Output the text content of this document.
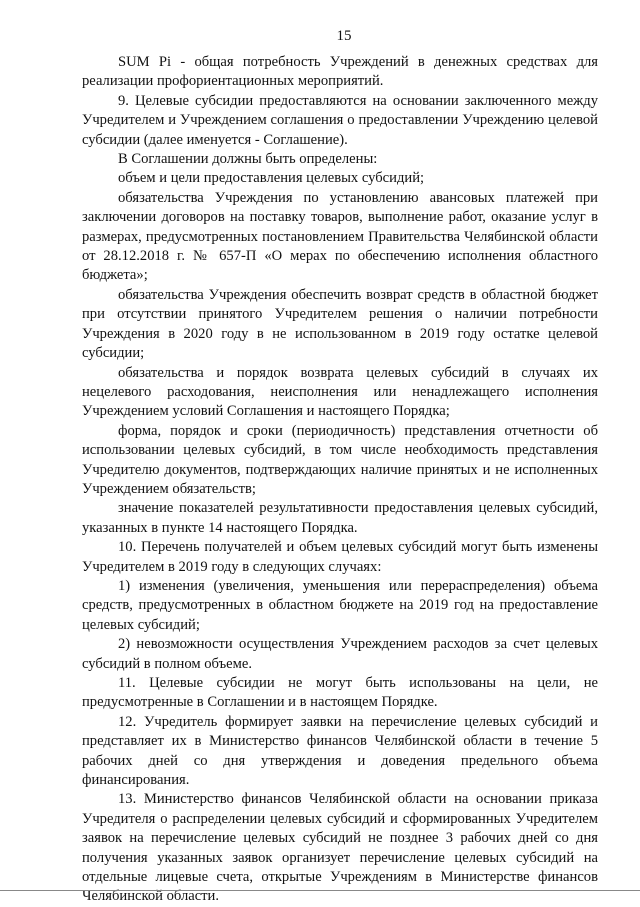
15

SUM Pi - общая потребность Учреждений в денежных средствах для реализации профориентационных мероприятий.

9. Целевые субсидии предоставляются на основании заключенного между Учредителем и Учреждением соглашения о предоставлении Учреждению целевой субсидии (далее именуется - Соглашение).

В Соглашении должны быть определены:

объем и цели предоставления целевых субсидий;

обязательства Учреждения по установлению авансовых платежей при заключении договоров на поставку товаров, выполнение работ, оказание услуг в размерах, предусмотренных постановлением Правительства Челябинской области от 28.12.2018 г. № 657-П «О мерах по обеспечению исполнения областного бюджета»;

обязательства Учреждения обеспечить возврат средств в областной бюджет при отсутствии принятого Учредителем решения о наличии потребности Учреждения в 2020 году в не использованном в 2019 году остатке целевой субсидии;

обязательства и порядок возврата целевых субсидий в случаях их нецелевого расходования, неисполнения или ненадлежащего исполнения Учреждением условий Соглашения и настоящего Порядка;

форма, порядок и сроки (периодичность) представления отчетности об использовании целевых субсидий, в том числе необходимость представления Учредителю документов, подтверждающих наличие принятых и не исполненных Учреждением обязательств;

значение показателей результативности предоставления целевых субсидий, указанных в пункте 14 настоящего Порядка.

10. Перечень получателей и объем целевых субсидий могут быть изменены Учредителем в 2019 году в следующих случаях:

1) изменения (увеличения, уменьшения или перераспределения) объема средств, предусмотренных в областном бюджете на 2019 год на предоставление целевых субсидий;

2) невозможности осуществления Учреждением расходов за счет целевых субсидий в полном объеме.

11. Целевые субсидии не могут быть использованы на цели, не предусмотренные в Соглашении и в настоящем Порядке.

12. Учредитель формирует заявки на перечисление целевых субсидий и представляет их в Министерство финансов Челябинской области в течение 5 рабочих дней со дня утверждения и доведения предельного объема финансирования.

13. Министерство финансов Челябинской области на основании приказа Учредителя о распределении целевых субсидий и сформированных Учредителем заявок на перечисление целевых субсидий не позднее 3 рабочих дней со дня получения указанных заявок организует перечисление целевых субсидий на отдельные лицевые счета, открытые Учреждениям в Министерстве финансов Челябинской области.
